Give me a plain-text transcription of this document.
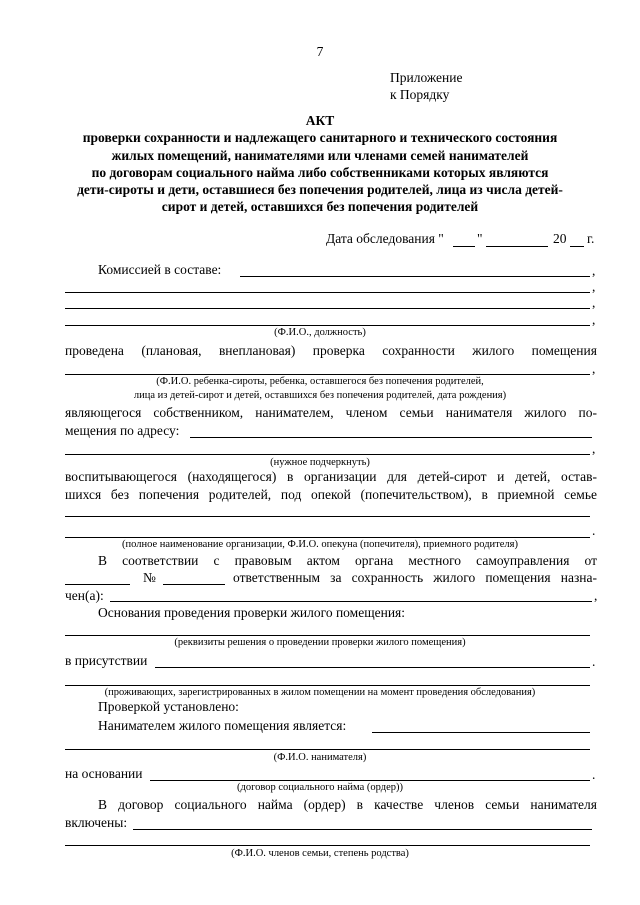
7
Приложение
к Порядку
АКТ
проверки сохранности и надлежащего санитарного и технического состояния
жилых помещений, нанимателями или членами семей нанимателей
по договорам социального найма либо собственниками которых являются
дети-сироты и дети, оставшиеся без попечения родителей, лица из числа детей-
сирот и детей, оставшихся без попечения родителей
Дата обследования " "	20 г.
Комиссией в составе:	,
,
,
,
(Ф.И.О., должность)
проведена (плановая, внеплановая) проверка сохранности жилого помещения
,
(Ф.И.О. ребенка-сироты, ребенка, оставшегося без попечения родителей,
лица из детей-сирот и детей, оставшихся без попечения родителей, дата рождения)
являющегося собственником, нанимателем, членом семьи нанимателя жилого по-
мещения по адресу:
,
(нужное подчеркнуть)
воспитывающегося (находящегося) в организации для детей-сирот и детей, остав-
шихся без попечения родителей, под опекой (попечительством), в приемной семье
.
(полное наименование организации, Ф.И.О. опекуна (попечителя), приемного родителя)
В соответствии с правовым актом органа местного самоуправления от
№	ответственным за сохранность жилого помещения назна-
чен(а):	,
Основания проведения проверки жилого помещения:
(реквизиты решения о проведении проверки жилого помещения)
в присутствии	.
(проживающих, зарегистрированных в жилом помещении на момент проведения обследования)
Проверкой установлено:
Нанимателем жилого помещения является:
(Ф.И.О. нанимателя)
на основании	.
(договор социального найма (ордер))
В договор социального найма (ордер) в качестве членов семьи нанимателя
включены:
(Ф.И.О. членов семьи, степень родства)
